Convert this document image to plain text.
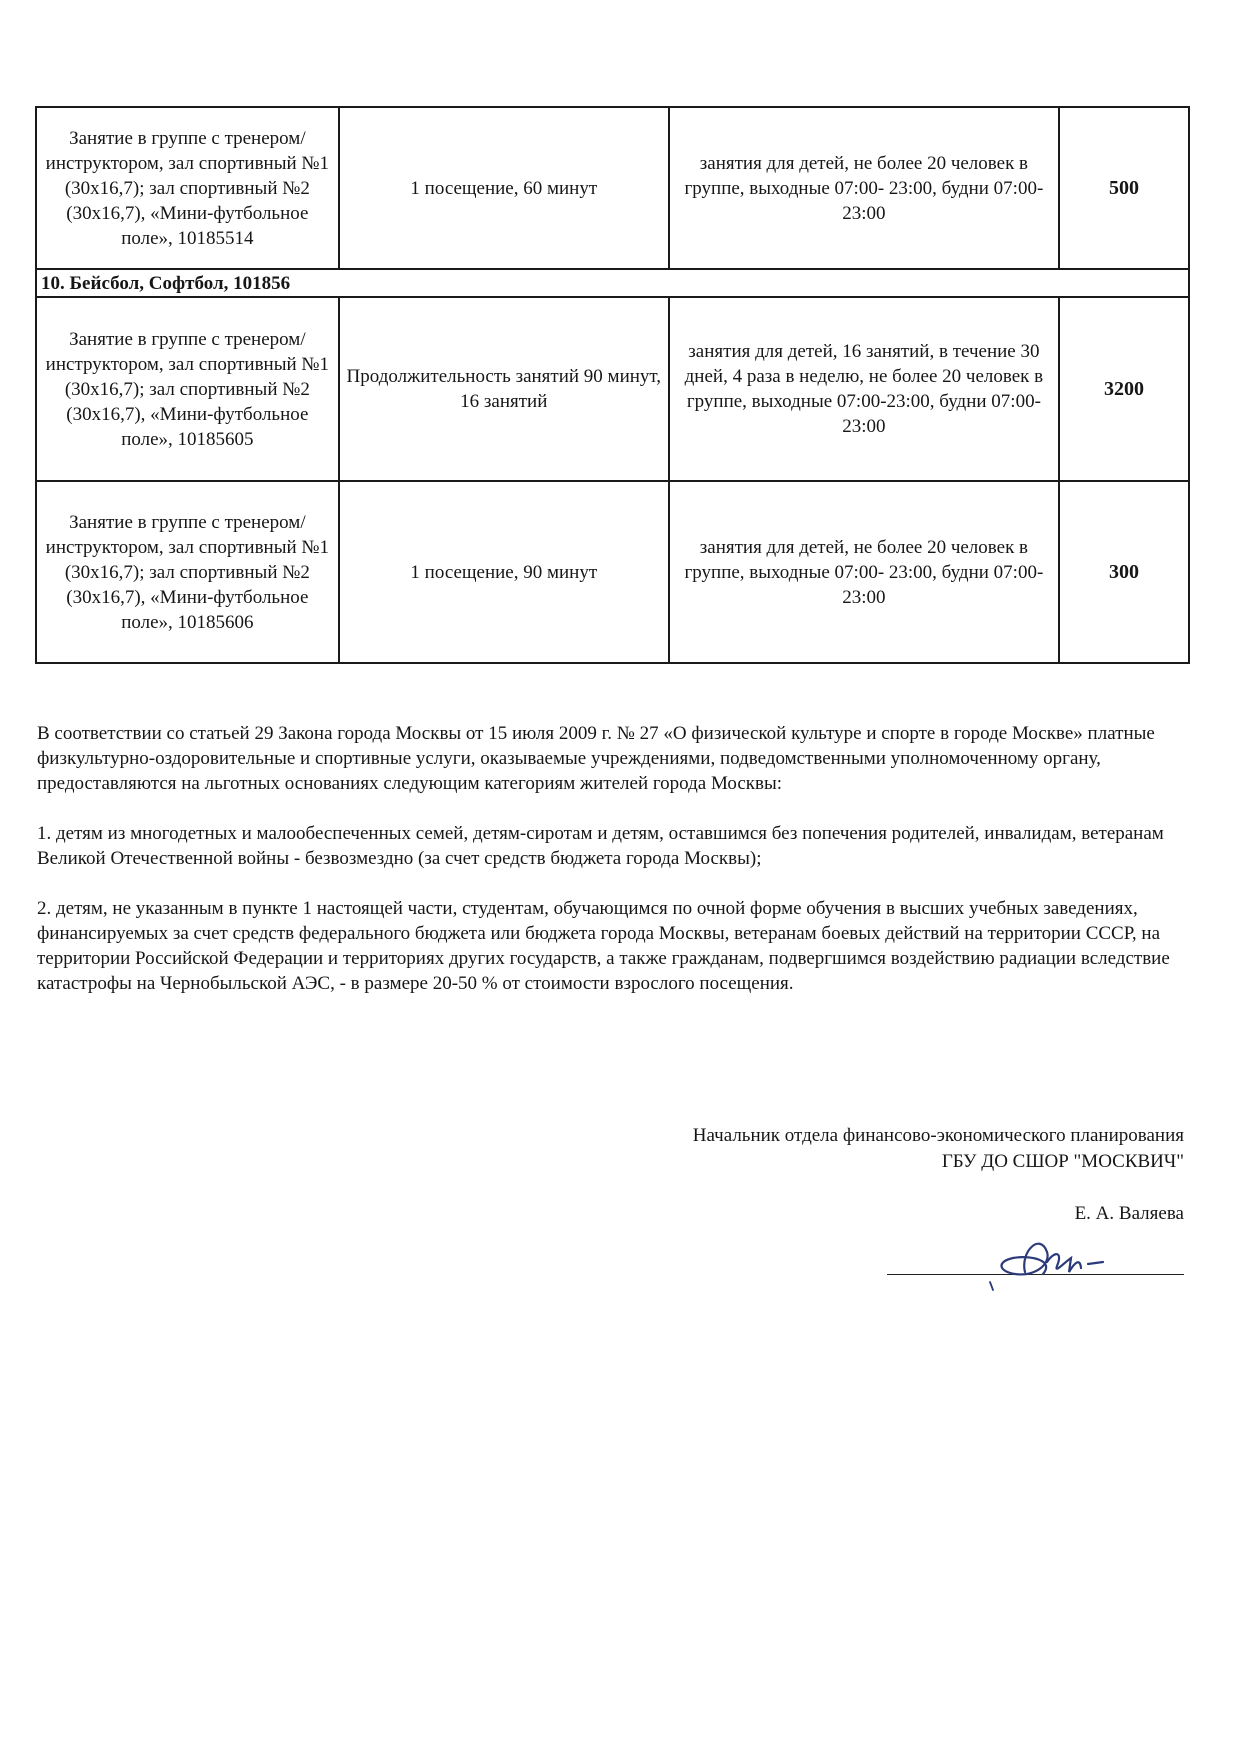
Занятие в группе с тренером/инструктором, зал спортивный №1 (30х16,7); зал спортивный №2 (30х16,7), «Мини-футбольное поле», 10185514	1 посещение, 60 минут	занятия для детей, не более 20 человек в группе, выходные 07:00- 23:00, будни 07:00-23:00	500
10. Бейсбол, Софтбол, 101856			
Занятие в группе с тренером/инструктором, зал спортивный №1 (30х16,7); зал спортивный №2 (30х16,7), «Мини-футбольное поле», 10185605	Продолжительность занятий 90 минут, 16 занятий	занятия для детей, 16 занятий, в течение 30 дней, 4 раза в неделю, не более 20 человек в группе, выходные 07:00-23:00, будни 07:00-23:00	3200
Занятие в группе с тренером/инструктором, зал спортивный №1 (30х16,7); зал спортивный №2 (30х16,7), «Мини-футбольное поле», 10185606	1 посещение, 90 минут	занятия для детей, не более 20 человек в группе, выходные 07:00- 23:00, будни 07:00-23:00	300

В соответствии со статьей 29 Закона города Москвы от 15 июля 2009 г. № 27 «О физической культуре и спорте в городе Москве» платные физкультурно-оздоровительные и спортивные услуги, оказываемые учреждениями, подведомственными уполномоченному органу, предоставляются на льготных основаниях следующим категориям жителей города Москвы:

1. детям из многодетных и малообеспеченных семей, детям-сиротам и детям, оставшимся без попечения родителей, инвалидам, ветеранам Великой Отечественной войны - безвозмездно (за счет средств бюджета города Москвы);

2. детям, не указанным в пункте 1 настоящей части, студентам, обучающимся по очной форме обучения в высших учебных заведениях, финансируемых за счет средств федерального бюджета или бюджета города Москвы, ветеранам боевых действий на территории СССР, на территории Российской Федерации и территориях других государств, а также гражданам, подвергшимся воздействию радиации вследствие катастрофы на Чернобыльской АЭС, - в размере 20-50 % от стоимости взрослого посещения.

Начальник отдела финансово-экономического планирования
ГБУ ДО СШОР "МОСКВИЧ"
Е. А. Валяева
